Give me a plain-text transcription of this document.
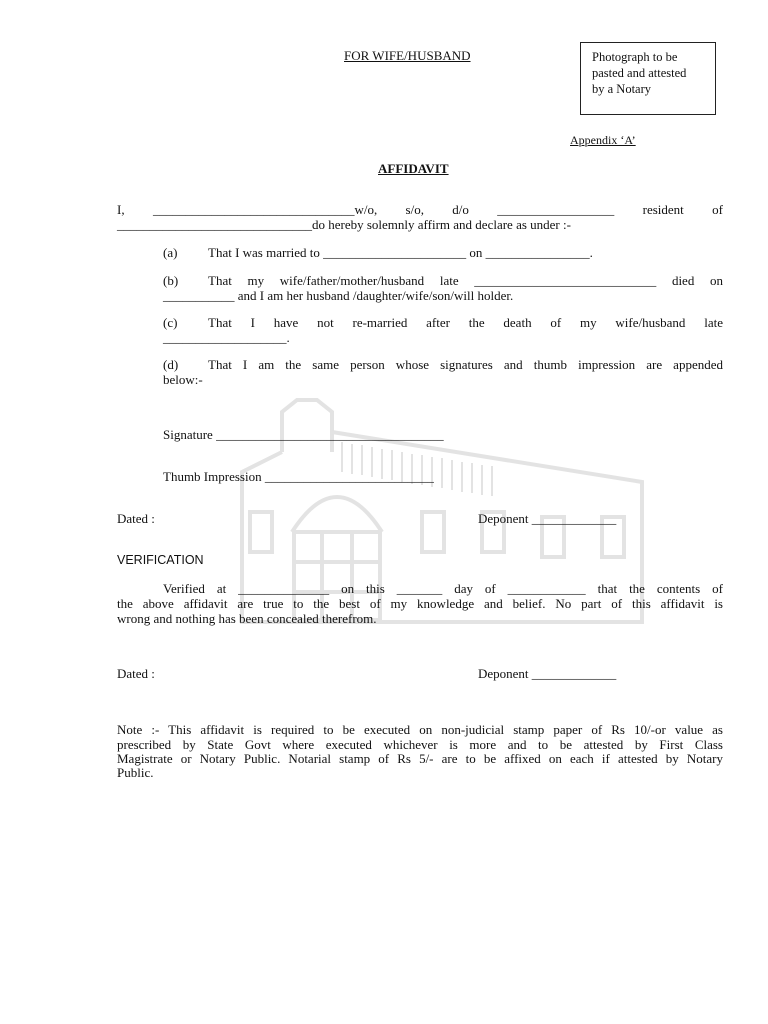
FOR WIFE/HUSBAND	Photograph to be
pasted and attested
by a Notary
Appendix ‘A’
AFFIDAVIT
I, _______________________________w/o, s/o, d/o __________________ resident of
______________________________do hereby solemnly affirm and declare as under :-
(a) That I was married to ______________________ on ________________.
(b) That my wife/father/mother/husband late ____________________________ died on
___________ and I am her husband /daughter/wife/son/will holder.
(c) That I have not re-married after the death of my wife/husband late
___________________.
(d) That I am the same person whose signatures and thumb impression are appended
below:-
Signature ___________________________________
Thumb Impression __________________________
Dated :	Deponent _____________
VERIFICATION
Verified at ______________ on this _______ day of ____________ that the contents of
the above affidavit are true to the best of my knowledge and belief. No part of this affidavit is
wrong and nothing has been concealed therefrom.
Dated :	Deponent _____________
Note :- This affidavit is required to be executed on non-judicial stamp paper of Rs 10/-or value as
prescribed by State Govt where executed whichever is more and to be attested by First Class
Magistrate or Notary Public. Notarial stamp of Rs 5/- are to be affixed on each if attested by Notary
Public.
